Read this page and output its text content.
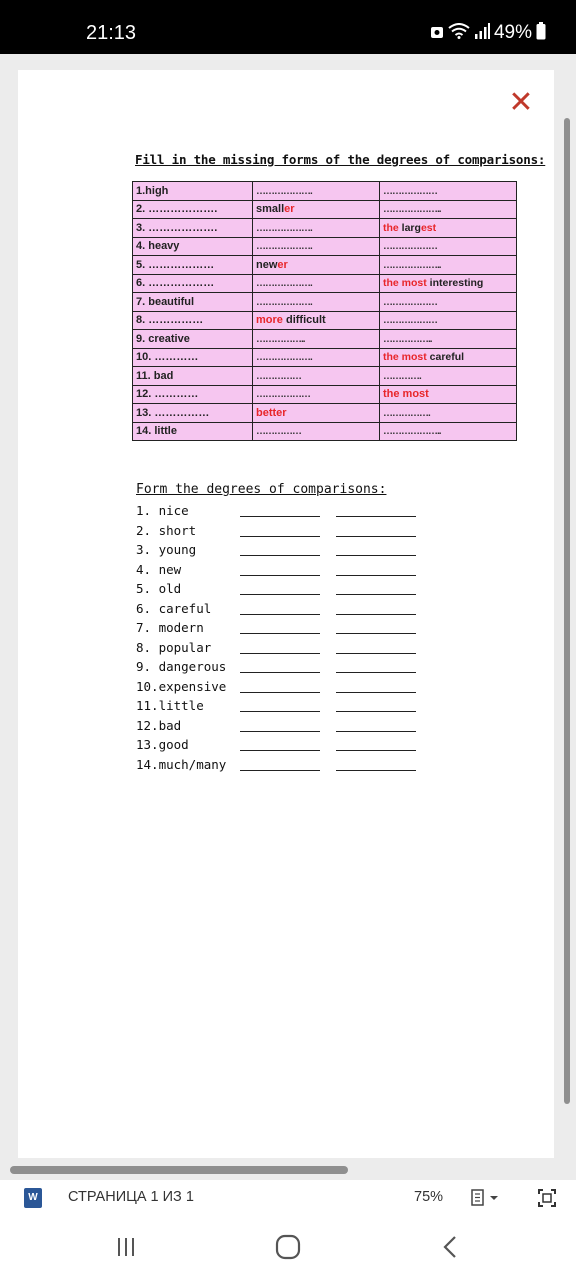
21:13	49%
✕
Fill in the missing forms of the degrees of comparisons:
1.high	……………….	………………
2. ……………….	smaller	………………..
3. ……………….	……………….	the largest
4. heavy	……………….	………………
5. ………………	newer	………………..
6. ………………	……………….	the most interesting
7. beautiful	……………….	………………
8. ……………	more difficult	………………
9. creative	……………..	……………..
10. …………	……………….	the most careful
11. bad	……………	………….
12. …………	………………	the most
13. ……………	better	…………….
14. little	……………	………………..
Form the degrees of comparisons:
1. nice
2. short
3. young
4. new
5. old
6. careful
7. modern
8. popular
9. dangerous
10.expensive
11.little
12.bad
13.good
14.much/many
W СТРАНИЦА 1 ИЗ 1	75%
